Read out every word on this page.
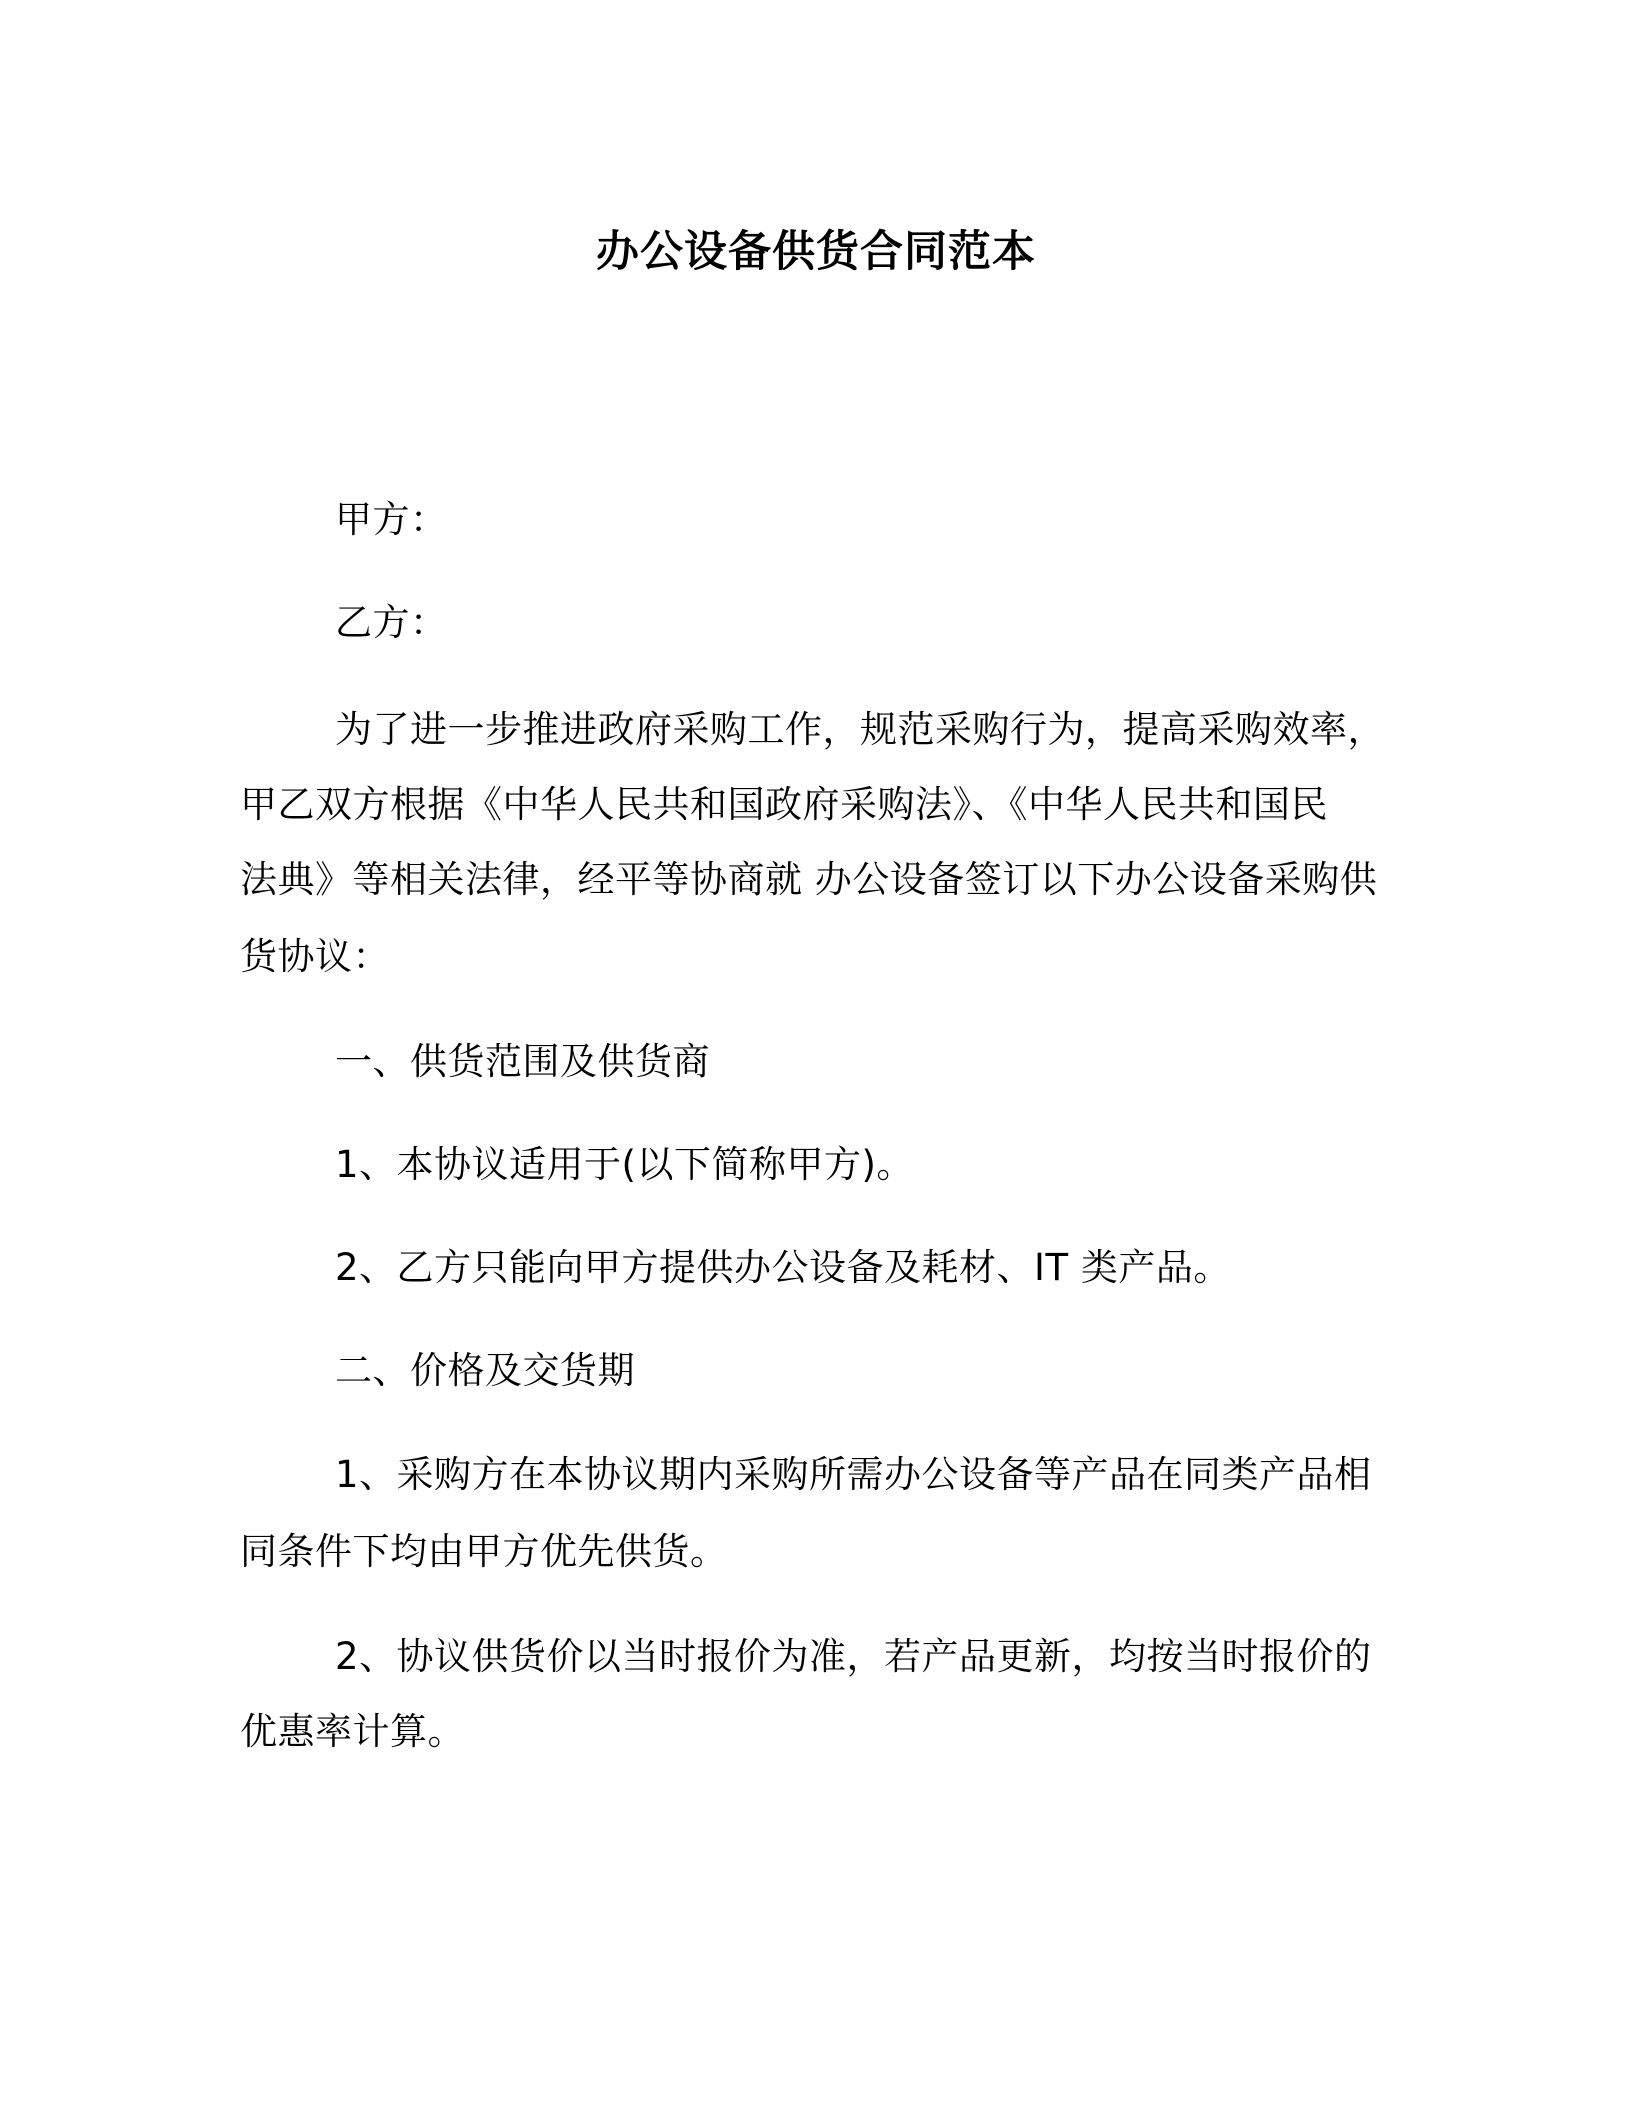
办公设备供货合同范本
甲方：
乙方：
为了进一步推进政府采购工作，规范采购行为，提高采购效率，
甲乙双方根据《中华人民共和国政府采购法》、《中华人民共和国民
法典》等相关法律，经平等协商就 办公设备签订以下办公设备采购供
货协议：
一、供货范围及供货商
1、本协议适用于(以下简称甲方)。
2、乙方只能向甲方提供办公设备及耗材、IT 类产品。
二、价格及交货期
1、采购方在本协议期内采购所需办公设备等产品在同类产品相
同条件下均由甲方优先供货。
2、协议供货价以当时报价为准，若产品更新，均按当时报价的
优惠率计算。
